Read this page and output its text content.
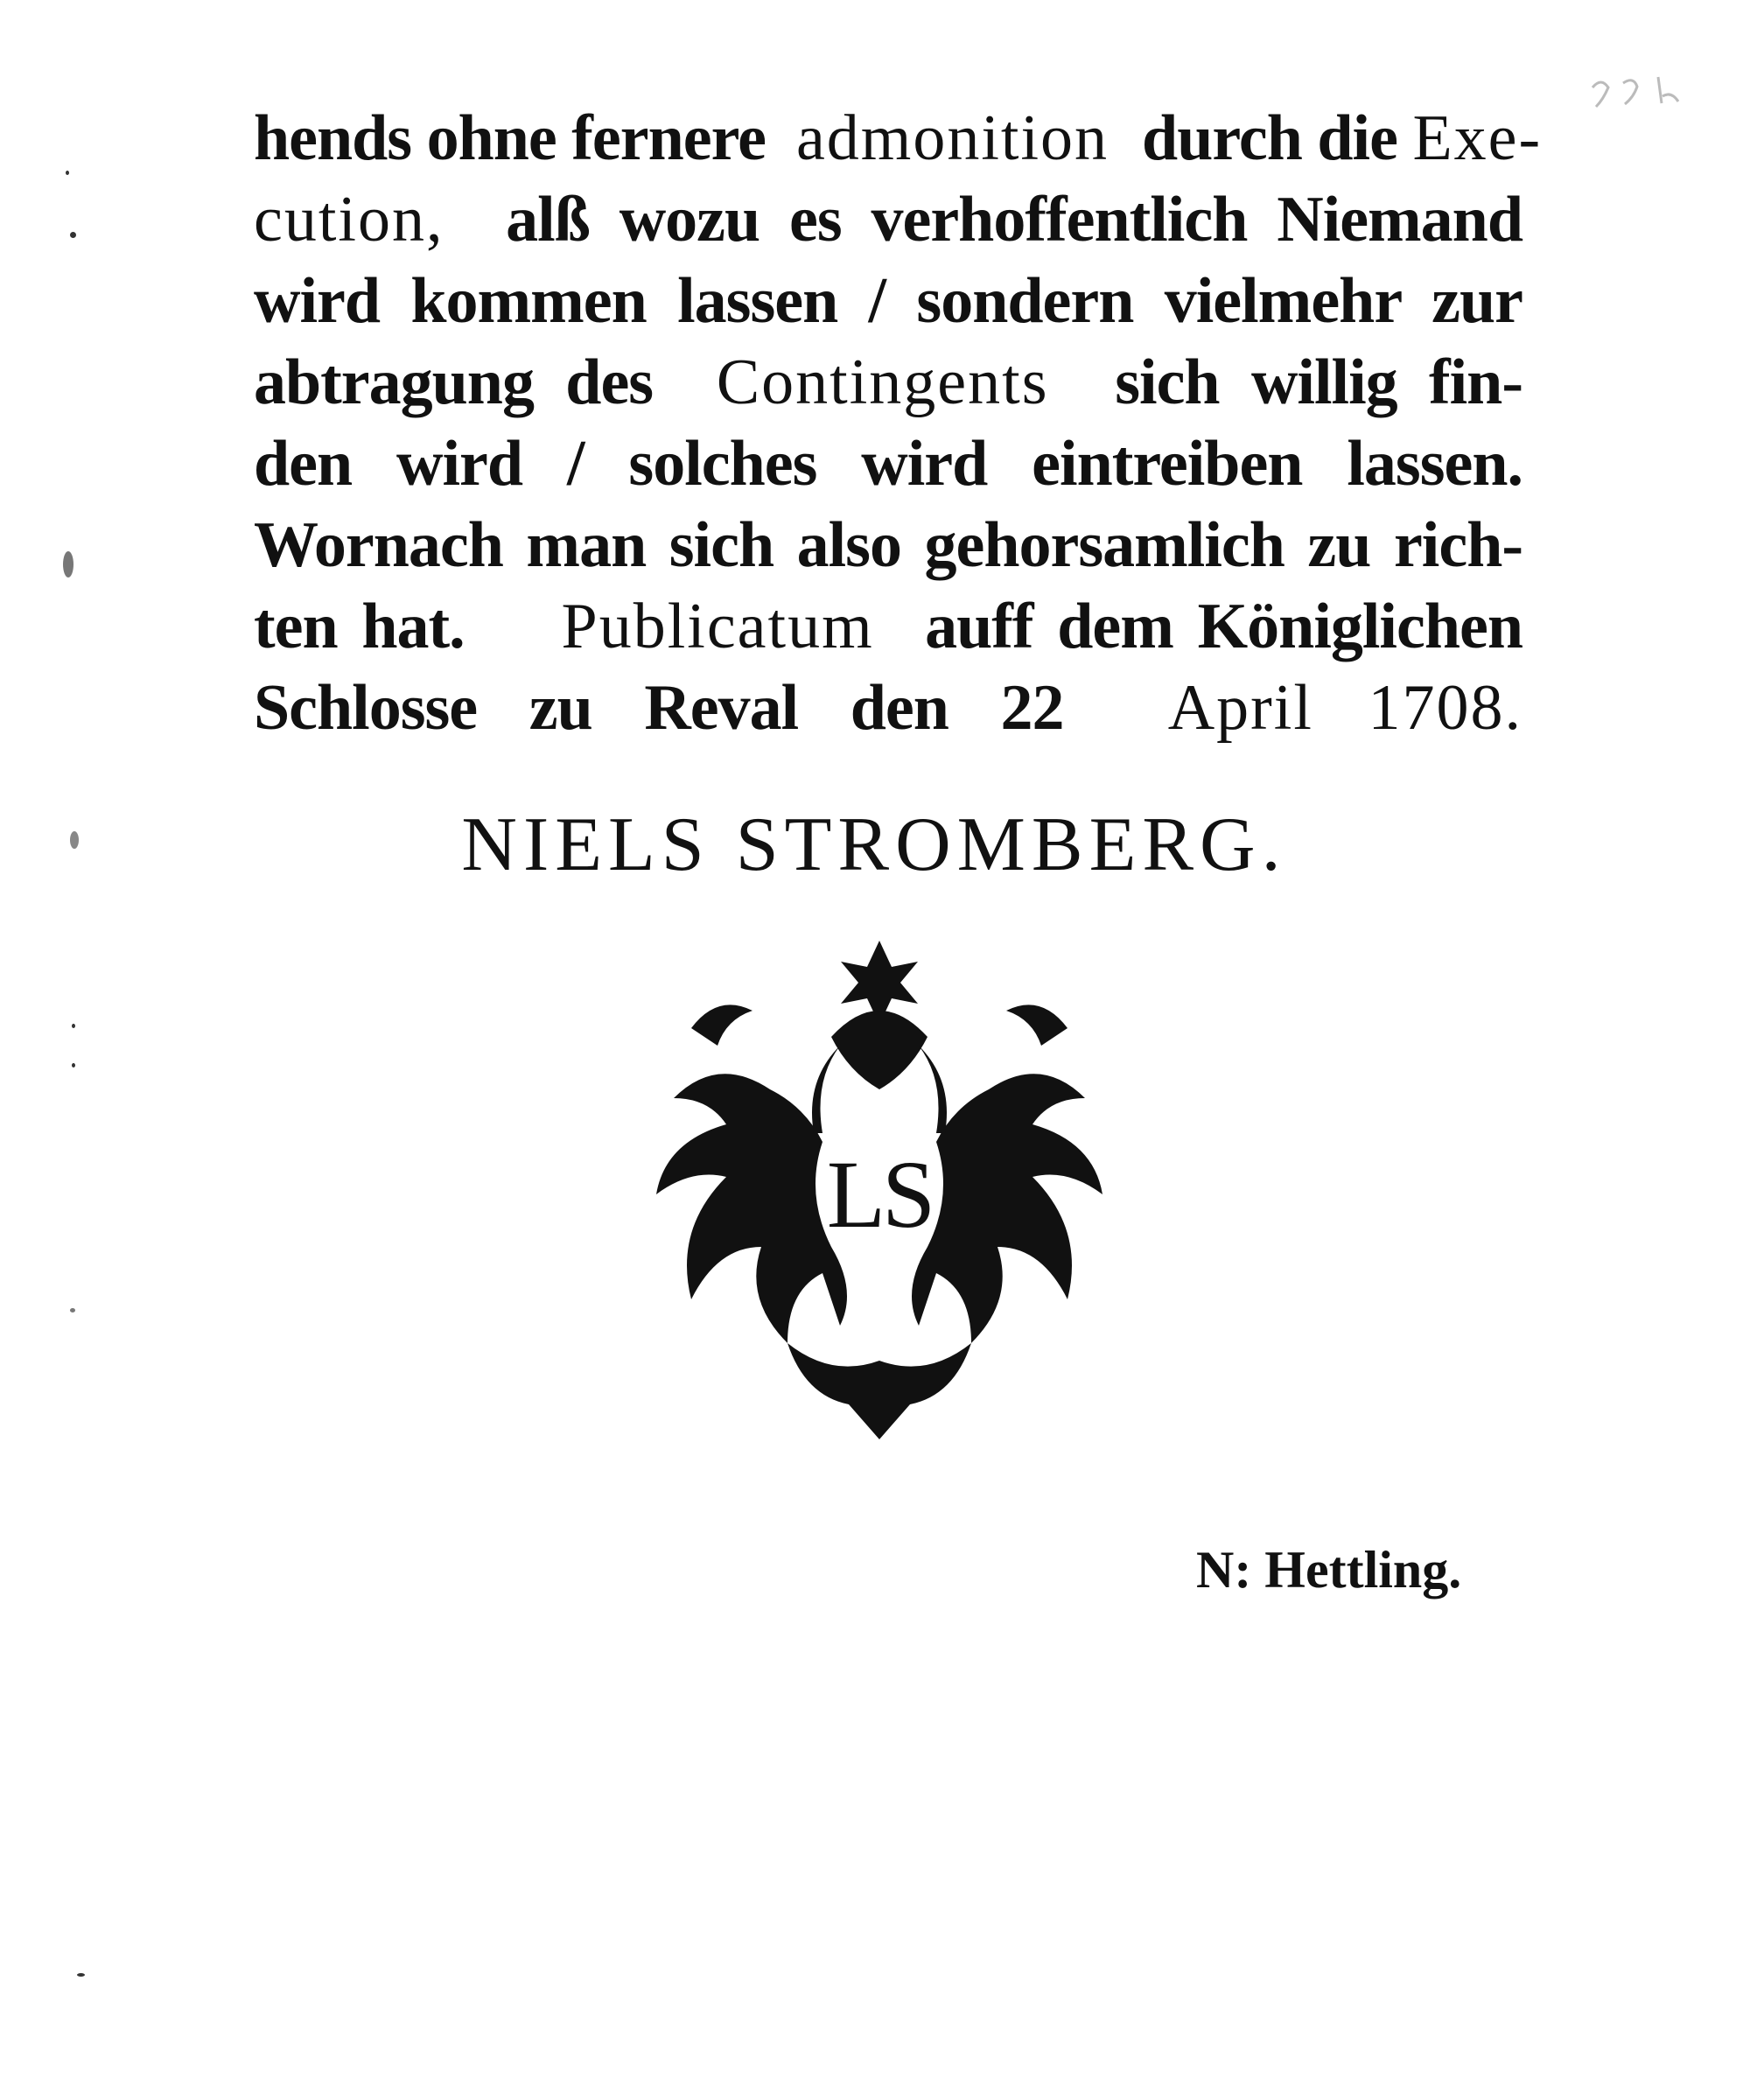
hends ohne fernere  admonition  durch die Exe-
cution,  alß wozu es verhoffentlich Niemand
wird kommen lassen / sondern vielmehr zur
abtragung des  Contingents  sich willig fin-
den wird / solches wird eintreiben lassen.
Wornach man sich also gehorsamlich zu rich-
ten hat.    Publicatum  auff dem Königlichen
Schlosse zu Reval den 22  April 1708.
NIELS STROMBERG.
LS
N: Hettling.
